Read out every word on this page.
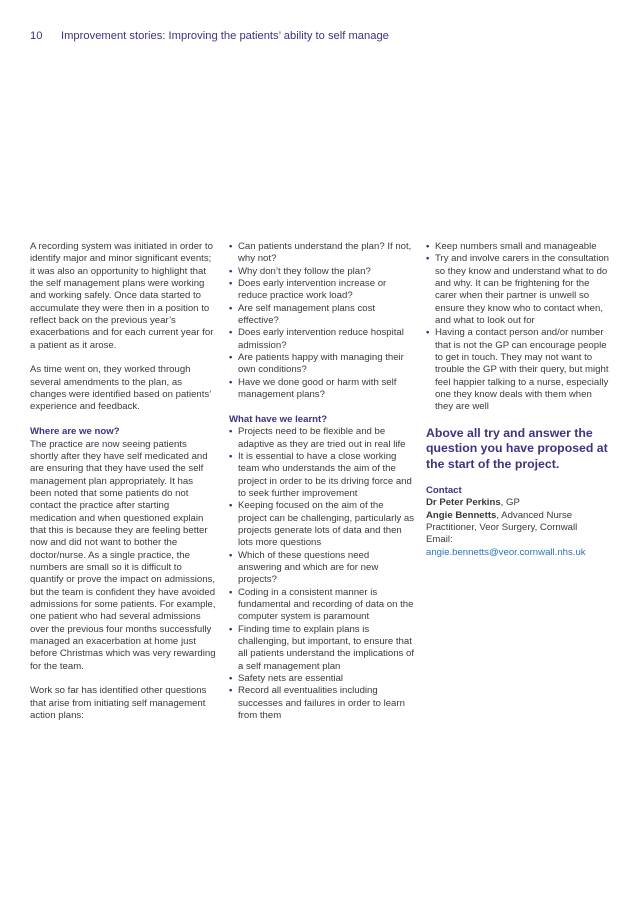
10 Improvement stories: Improving the patients’ ability to self manage

A recording system was initiated in order to identify major and minor significant events; it was also an opportunity to highlight that the self management plans were working and working safely. Once data started to accumulate they were then in a position to reflect back on the previous year’s exacerbations and for each current year for a patient as it arose.

As time went on, they worked through several amendments to the plan, as changes were identified based on patients’ experience and feedback.

Where are we now?

The practice are now seeing patients shortly after they have self medicated and are ensuring that they have used the self management plan appropriately. It has been noted that some patients do not contact the practice after starting medication and when questioned explain that this is because they are feeling better now and did not want to bother the doctor/nurse. As a single practice, the numbers are small so it is difficult to quantify or prove the impact on admissions, but the team is confident they have avoided admissions for some patients. For example, one patient who had several admissions over the previous four months successfully managed an exacerbation at home just before Christmas which was very rewarding for the team.

Work so far has identified other questions that arise from initiating self management action plans:

• Can patients understand the plan? If not, why not?
• Why don’t they follow the plan?
• Does early intervention increase or reduce practice work load?
• Are self management plans cost effective?
• Does early intervention reduce hospital admission?
• Are patients happy with managing their own conditions?
• Have we done good or harm with self management plans?

What have we learnt?

• Projects need to be flexible and be adaptive as they are tried out in real life
• It is essential to have a close working team who understands the aim of the project in order to be its driving force and to seek further improvement
• Keeping focused on the aim of the project can be challenging, particularly as projects generate lots of data and then lots more questions
• Which of these questions need answering and which are for new projects?
• Coding in a consistent manner is fundamental and recording of data on the computer system is paramount
• Finding time to explain plans is challenging, but important, to ensure that all patients understand the implications of a self management plan
• Safety nets are essential
• Record all eventualities including successes and failures in order to learn from them
• Keep numbers small and manageable
• Try and involve carers in the consultation so they know and understand what to do and why. It can be frightening for the carer when their partner is unwell so ensure they know who to contact when, and what to look out for
• Having a contact person and/or number that is not the GP can encourage people to get in touch. They may not want to trouble the GP with their query, but might feel happier talking to a nurse, especially one they know deals with them when they are well

Above all try and answer the question you have proposed at the start of the project.

Contact
Dr Peter Perkins, GP
Angie Bennetts, Advanced Nurse Practitioner, Veor Surgery, Cornwall
Email:
angie.bennetts@veor.cornwall.nhs.uk
